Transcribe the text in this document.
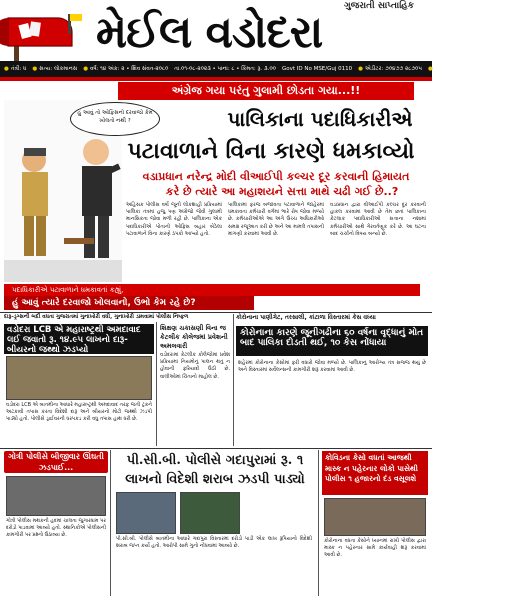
મેઈલ વડોદરા
ગુજરાતી સાપ્તાહિક
● તંત્રી: ધ ● સત્ય: લોકમાનસ ● વર્ષ: ૧૪ અંક: ૨ • શિવ સંવત-૨૦૮૦ તા.૦૧-૦૮-૨૦૨૩ • પાના: ૮ • કિંમત: રૂ. ૩.૦૦ Govt ID No MSE/Guj 0110 ● એડીટર: ૭૦૪૭૭ ૨૮૭૦૫ ● ઈમેઇલ: mailvadodara@gmail.com
હું આવું તો ઓફિસનો દરવાજો કેમ ખોલતો નથી ?
અંગ્રેજ ગયા પરંતુ ગુલામી છોડતા ગયા...!!
પાલિકાના પદાધિકારીએ
પટાવાળાને વિના કારણે ધમકાવ્યો
વડાપ્રધાન નરેન્દ્ર મોદી વીઆઈપી કલ્ચર દૂર કરવાની હિમાયત
કરે છે ત્યારે આ મહાશયને સત્તા માથે ચઢી ગઈ છે..?
અહિંસક પોલીસ વર્ષો જૂની લોકશાહી પ્રક્રિયામાં પાલિકા તંત્રમાં હજુ પણ અંગ્રેજો જેવી ગુલામી માનસિકતા જોવા મળી રહી છે. પાલિકાના એક પદાધિકારીએ પોતાની ઓફિસ બહાર બેઠેલા પટાવાળાને વિના કારણે ઠપકો આપ્યો હતો.
પાલિકામાં ફરજ બજાવતા પટાવાળાને જાહેરમાં ધમકાવતા કર્મચારી વર્ગમાં ભારે રોષ જોવા મળ્યો છે. કર્મચારીઓએ આ અંગે ઉચ્ચ અધિકારીઓ સમક્ષ રજૂઆત કરી છે અને આ મામલે તપાસની માંગણી કરવામાં આવી છે.
વડાપ્રધાન દ્વારા વીઆઈપી કલ્ચર દૂર કરવાની હાકલ કરવામાં આવી છે તેમ છતાં પાલિકાના કેટલાક પદાધિકારીઓ સત્તાના નશામાં કર્મચારીઓ સાથે ગેરવર્તણૂક કરે છે. આ ઘટના બાદ ચર્ચાનો વિષય બન્યો છે.
પદાધિકારીએ પટાવાળાને ધમકાવતાં કહ્યું,
હું આવું ત્યારે દરવાજો ખોલવાનો, ઉભો કેમ રહે છે?
દારૂ-ડ્રગ્સની બદી વધતા ગુજરાતમાં ગુનાખોરી વધી, ગુનાખોરી ડામવામાં પોલીસ નિષ્ફળ
વડોદરા LCB એ મહારાષ્ટ્રથી અમદાવાદ લઈ જવાતો રૂ. ૧૪.૯૫ લાખનો દારૂ-બીયરનો જથ્થો ઝડપ્યો
વડોદરા LCB એ બાતમીના આધારે મહારાષ્ટ્રથી અમદાવાદ તરફ જતી ટ્રકને અટકાવી તપાસ કરતા વિદેશી દારૂ અને બીયરનો મોટો જથ્થો ઝડપી પાડ્યો હતો. પોલીસે ડ્રાઈવરની ધરપકડ કરી વધુ તપાસ હાથ ધરી છે.
શિક્ષણ ચકાસણી વિના જ કેટલીક કોલેજમાં પ્રવેશની અમલવારી
વડોદરામાં કેટલીક કોલેજોમાં પ્રવેશ પ્રક્રિયામાં નિયમોનું પાલન થતું ન હોવાની ફરિયાદો ઉઠી છે. વાલીઓમાં ચિંતાનો માહોલ છે.
કોરોનાના પાણીગેટ, તરસાલી, કાંટાળા વિસ્તારમાં કેસ વધ્યા
કોરોનાના કારણે જૂનીગઢીના ૬૦ વર્ષના વૃદ્ધાનું મોત બાદ પાલિકા દોડતી થઈ, ૧૦ કેસ નોંધાયા
શહેરમાં કોરોનાના કેસોમાં ફરી વધારો જોવા મળ્યો છે. પાલિકાનું આરોગ્ય તંત્ર સજ્જ થયું છે અને વિસ્તારમાં સર્વેલન્સની કામગીરી શરૂ કરવામાં આવી છે.
ગોત્રી પોલીસે બીજીવાર ઊંઘતી ઝડપાઈ...
ગોત્રી પોલીસ મથકની હદમાં ચાલતા જુગારધામ પર દરોડો પાડવામાં આવ્યો હતો. સ્થાનિકોએ પોલીસની કામગીરી પર પ્રશ્નો ઉઠાવ્યા છે.
પી.સી.બી. પોલીસે ગદાપુરામાં રૂ. ૧
લાખનો વિદેશી શરાબ ઝડપી પાડ્યો
પી.સી.બી. પોલીસે બાતમીના આધારે ગદાપુરા વિસ્તારમાં દરોડો પાડી એક લાખ રૂપિયાનો વિદેશી શરાબ જપ્ત કર્યો હતો. આરોપી સામે ગુનો નોંધવામાં આવ્યો છે.
કોવિડના કેસો વધતાં આજથી માસ્ક ન પહેરનાર લોકો પાસેથી પોલીસ ૧ હજારનો દંડ વસૂલશે
કોરોનાના વધતા કેસોને ધ્યાનમાં રાખી પોલીસ દ્વારા માસ્ક ન પહેરનાર સામે કાર્યવાહી શરૂ કરવામાં આવી છે.
